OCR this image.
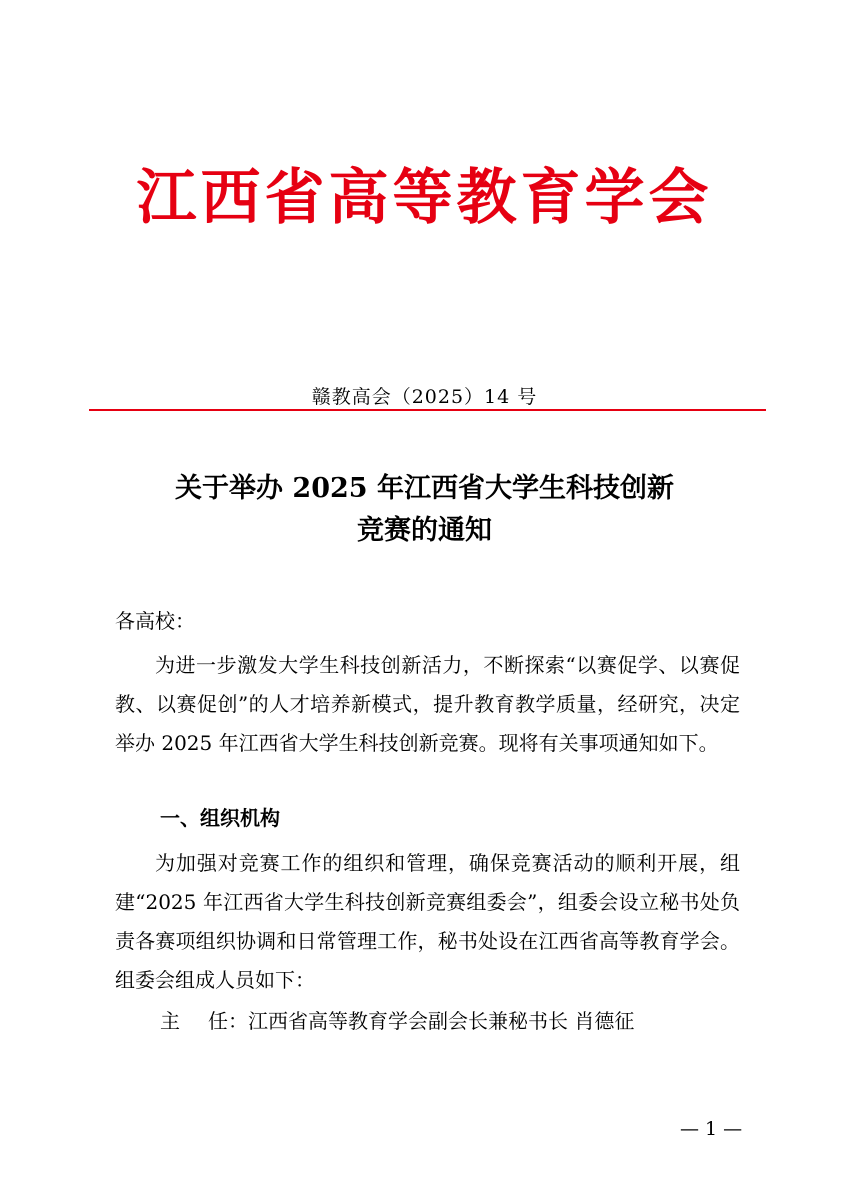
江西省高等教育学会
赣教高会（2025）14 号
关于举办 2025 年江西省大学生科技创新
竞赛的通知
各高校：

为进一步激发大学生科技创新活力，不断探索“以赛促学、以赛促教、以赛促创”的人才培养新模式，提升教育教学质量，经研究，决定举办 2025 年江西省大学生科技创新竞赛。现将有关事项通知如下。

一、组织机构

为加强对竞赛工作的组织和管理，确保竞赛活动的顺利开展，组建“2025 年江西省大学生科技创新竞赛组委会”，组委会设立秘书处负责各赛项组织协调和日常管理工作，秘书处设在江西省高等教育学会。组委会组成人员如下：

主 任：江西省高等教育学会副会长兼秘书长 肖德征
— 1 —
